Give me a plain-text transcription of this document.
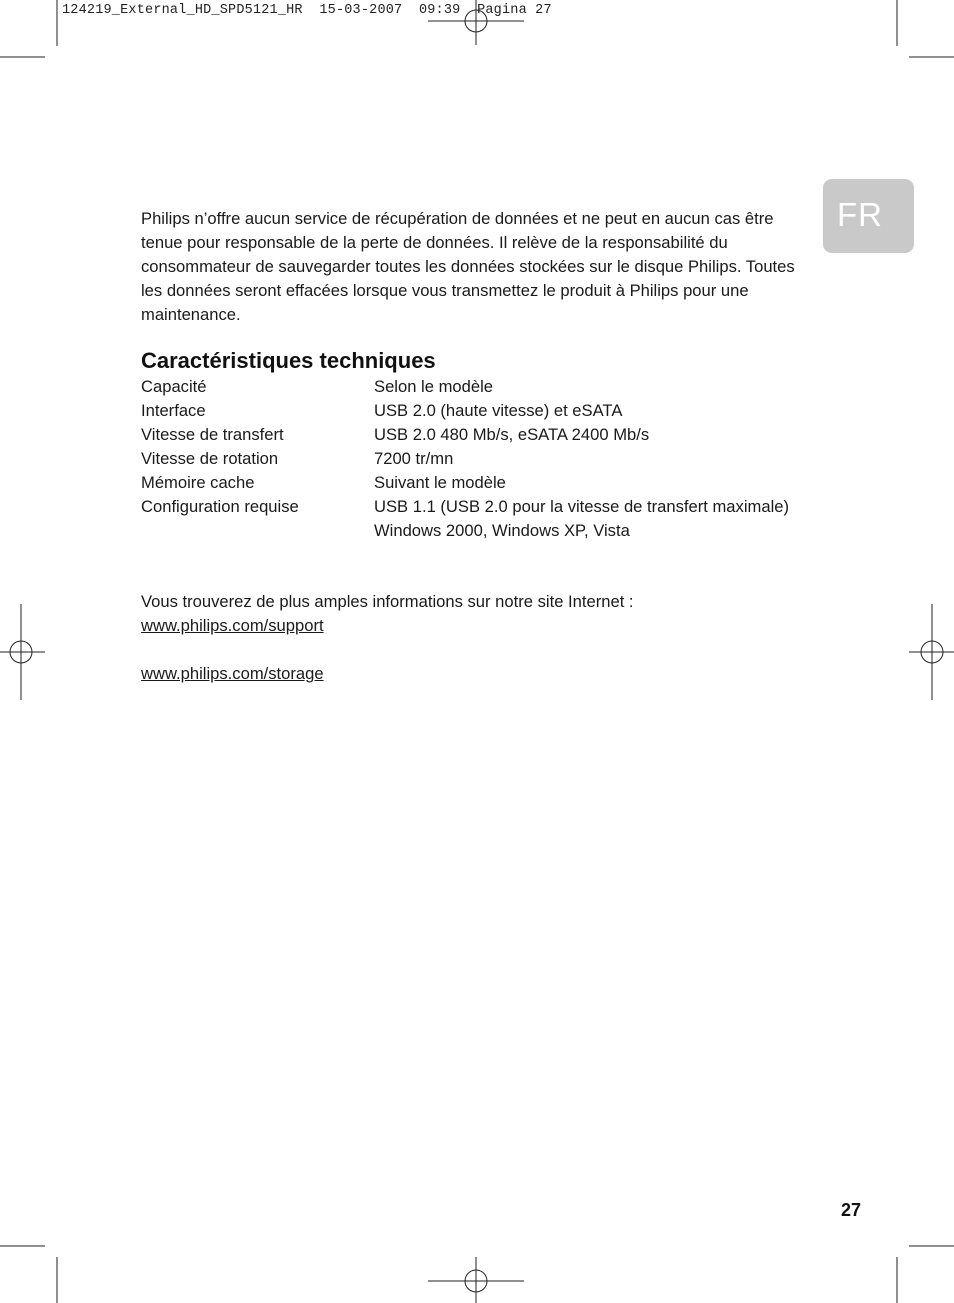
124219_External_HD_SPD5121_HR  15-03-2007  09:39  Pagina 27
FR

Philips n’offre aucun service de récupération de données et ne peut en aucun cas être tenue pour responsable de la perte de données. Il relève de la responsabilité du consommateur de sauvegarder toutes les données stockées sur le disque Philips. Toutes les données seront effacées lorsque vous transmettez le produit à Philips pour une maintenance.

Caractéristiques techniques
Capacité	Selon le modèle
Interface	USB 2.0 (haute vitesse) et eSATA
Vitesse de transfert	USB 2.0 480 Mb/s, eSATA 2400 Mb/s
Vitesse de rotation	7200 tr/mn
Mémoire cache	Suivant le modèle
Configuration requise	USB 1.1 (USB 2.0 pour la vitesse de transfert maximale)
Windows 2000, Windows XP, Vista
Vous trouverez de plus amples informations sur notre site Internet :
www.philips.com/support
www.philips.com/storage
27
